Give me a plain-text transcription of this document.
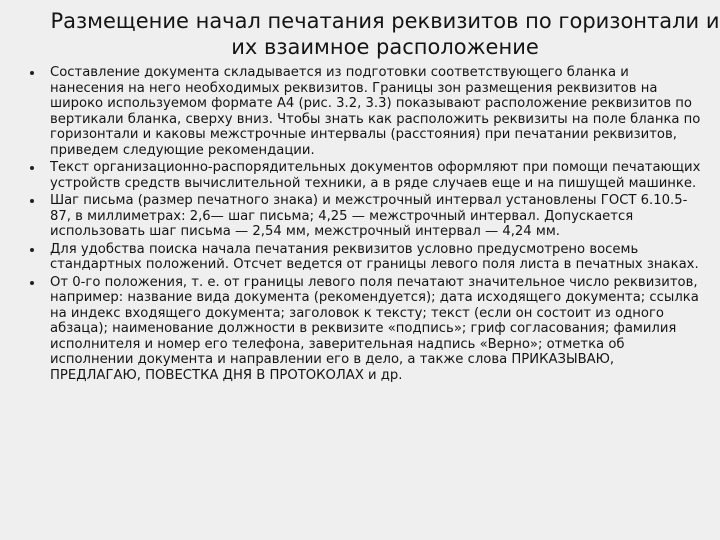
Размещение начал печатания реквизитов по горизонтали и их взаимное расположение
Составление документа складывается из подготовки соответствующего бланка и нанесения на него необходимых реквизитов. Границы зон размещения реквизитов на широко используемом формате А4 (рис. 3.2, 3.3) показывают расположение реквизитов по вертикали бланка, сверху вниз. Чтобы знать как расположить реквизиты на поле бланка по горизонтали и каковы межстрочные интервалы (расстояния) при печатании реквизитов, приведем следующие рекомендации.
Текст организационно-распорядительных документов оформляют при помощи печатающих устройств средств вычислительной техники, а в ряде случаев еще и на пишущей машинке.
Шаг письма (размер печатного знака) и межстрочный интервал установлены ГОСТ 6.10.5-87, в миллиметрах: 2,6— шаг письма; 4,25 — межстрочный интервал. Допускается использовать шаг письма — 2,54 мм, межстрочный интервал — 4,24 мм.
Для удобства поиска начала печатания реквизитов условно предусмотрено восемь стандартных положений. Отсчет ведется от границы левого поля листа в печатных знаках.
От 0-го положения, т. е. от границы левого поля печатают значительное число реквизитов, например: название вида документа (рекомендуется); дата исходящего документа; ссылка на индекс входящего документа; заголовок к тексту; текст (если он состоит из одного абзаца); наименование должности в реквизите «подпись»; гриф согласования; фамилия исполнителя и номер его телефона, заверительная надпись «Верно»; отметка об исполнении документа и направлении его в дело, а также слова ПРИКАЗЫВАЮ, ПРЕДЛАГАЮ, ПОВЕСТКА ДНЯ В ПРОТОКОЛАХ и др.
